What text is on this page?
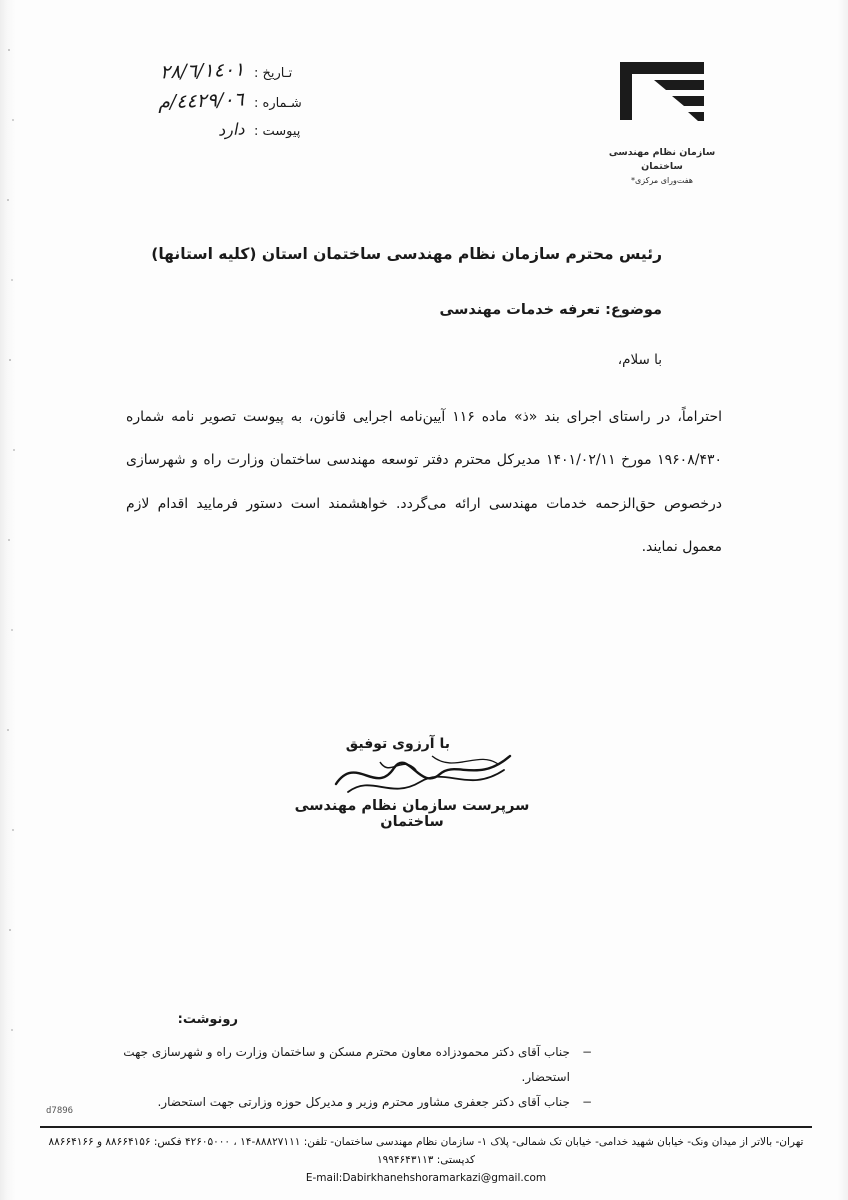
سازمان نظام مهندسی ساختمان
هفت‌ورای مرکزی*
تـاریخ :
۱٤۰۱/٦/۲۸
شـماره :
٤٤۲۹/۰٦/م
پیوست :
دارد
رئیس محترم سازمان نظام مهندسی ساختمان استان (کلیه استانها)
موضوع: تعرفه خدمات مهندسی
با سلام،
احتراماً، در راستای اجرای بند «ذ» ماده ۱۱۶ آیین‌نامه اجرایی قانون، به پیوست تصویر نامه شماره ۱۹۶۰۸/۴۳۰ مورخ ۱۴۰۱/۰۲/۱۱ مدیرکل محترم دفتر توسعه مهندسی ساختمان وزارت راه و شهرسازی درخصوص حق‌الزحمه خدمات مهندسی ارائه می‌گردد. خواهشمند است دستور فرمایید اقدام لازم معمول نمایند.
با آرزوی توفیق
سرپرست سازمان نظام مهندسی ساختمان
رونوشت:
−
جناب آقای دکتر محمودزاده معاون محترم مسکن و ساختمان وزارت راه و شهرسازی جهت استحضار.
−
جناب آقای دکتر جعفری مشاور محترم وزیر و مدیرکل حوزه وزارتی جهت استحضار.
d7896
تهران- بالاتر از میدان ونک- خیابان شهید خدامی- خیابان تک شمالی- پلاک ۱- سازمان نظام مهندسی ساختمان- تلفن: ۸۸۸۲۷۱۱۱-۱۴ ، ۴۲۶۰۵۰۰۰ فکس: ۸۸۶۶۴۱۵۶ و ۸۸۶۶۴۱۶۶ کدپستی: ۱۹۹۴۶۴۳۱۱۳
E-mail:Dabirkhanehshoramarkazi@gmail.com
